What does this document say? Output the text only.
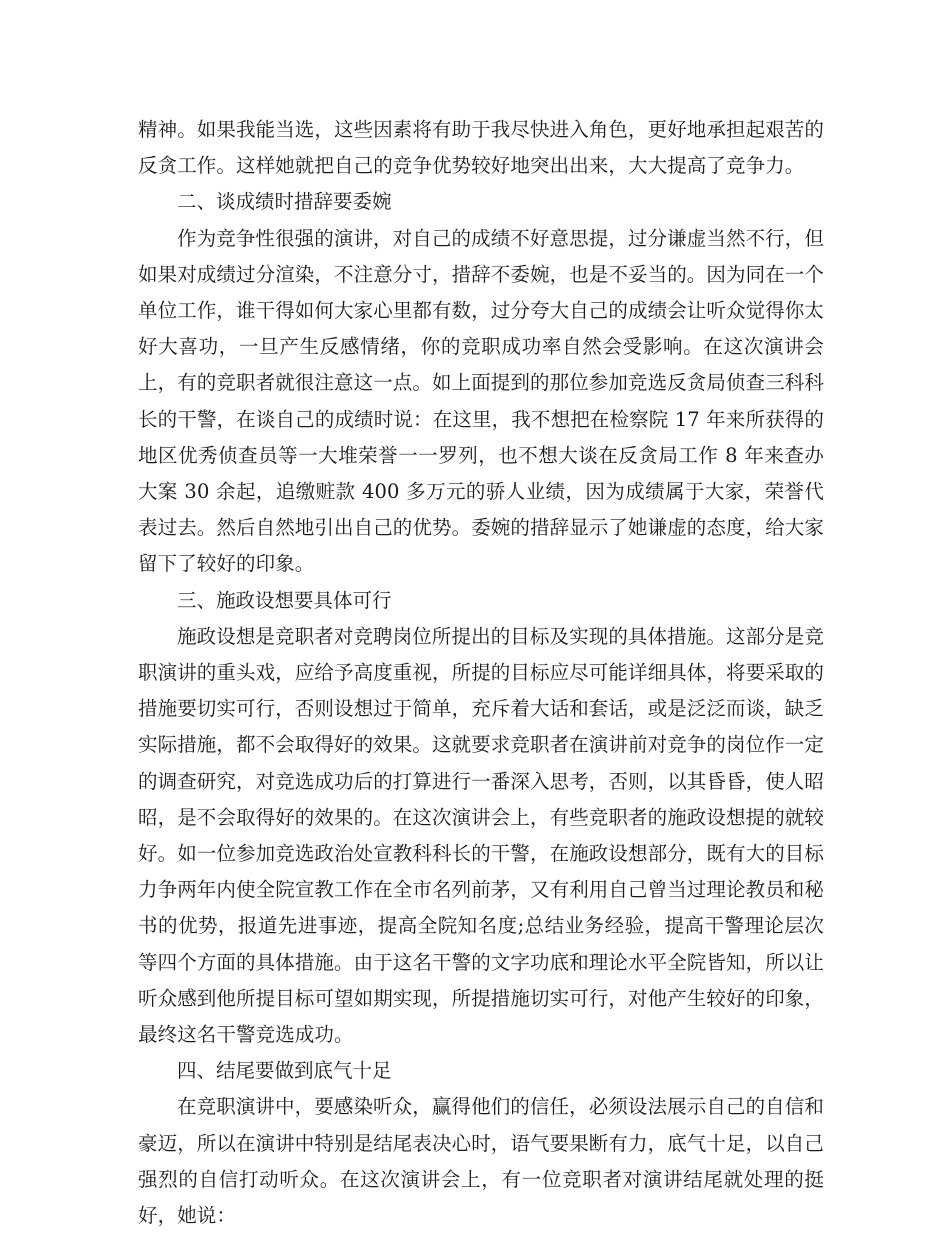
精神。如果我能当选，这些因素将有助于我尽快进入角色，更好地承担起艰苦的反贪工作。这样她就把自己的竞争优势较好地突出出来，大大提高了竞争力。

二、谈成绩时措辞要委婉

作为竞争性很强的演讲，对自己的成绩不好意思提，过分谦虚当然不行，但如果对成绩过分渲染，不注意分寸，措辞不委婉，也是不妥当的。因为同在一个单位工作，谁干得如何大家心里都有数，过分夸大自己的成绩会让听众觉得你太好大喜功，一旦产生反感情绪，你的竞职成功率自然会受影响。在这次演讲会上，有的竞职者就很注意这一点。如上面提到的那位参加竞选反贪局侦查三科科长的干警，在谈自己的成绩时说：在这里，我不想把在检察院 17 年来所获得的地区优秀侦查员等一大堆荣誉一一罗列，也不想大谈在反贪局工作 8 年来查办大案 30 余起，追缴赃款 400 多万元的骄人业绩，因为成绩属于大家，荣誉代表过去。然后自然地引出自己的优势。委婉的措辞显示了她谦虚的态度，给大家留下了较好的印象。

三、施政设想要具体可行

施政设想是竞职者对竞聘岗位所提出的目标及实现的具体措施。这部分是竞职演讲的重头戏，应给予高度重视，所提的目标应尽可能详细具体，将要采取的措施要切实可行，否则设想过于简单，充斥着大话和套话，或是泛泛而谈，缺乏实际措施，都不会取得好的效果。这就要求竞职者在演讲前对竞争的岗位作一定的调查研究，对竞选成功后的打算进行一番深入思考，否则，以其昏昏，使人昭昭，是不会取得好的效果的。在这次演讲会上，有些竞职者的施政设想提的就较好。如一位参加竞选政治处宣教科科长的干警，在施政设想部分，既有大的目标力争两年内使全院宣教工作在全市名列前茅，又有利用自己曾当过理论教员和秘书的优势，报道先进事迹，提高全院知名度;总结业务经验，提高干警理论层次等四个方面的具体措施。由于这名干警的文字功底和理论水平全院皆知，所以让听众感到他所提目标可望如期实现，所提措施切实可行，对他产生较好的印象，最终这名干警竞选成功。

四、结尾要做到底气十足

在竞职演讲中，要感染听众，赢得他们的信任，必须设法展示自己的自信和豪迈，所以在演讲中特别是结尾表决心时，语气要果断有力，底气十足，以自己强烈的自信打动听众。在这次演讲会上，有一位竞职者对演讲结尾就处理的挺好，她说：
